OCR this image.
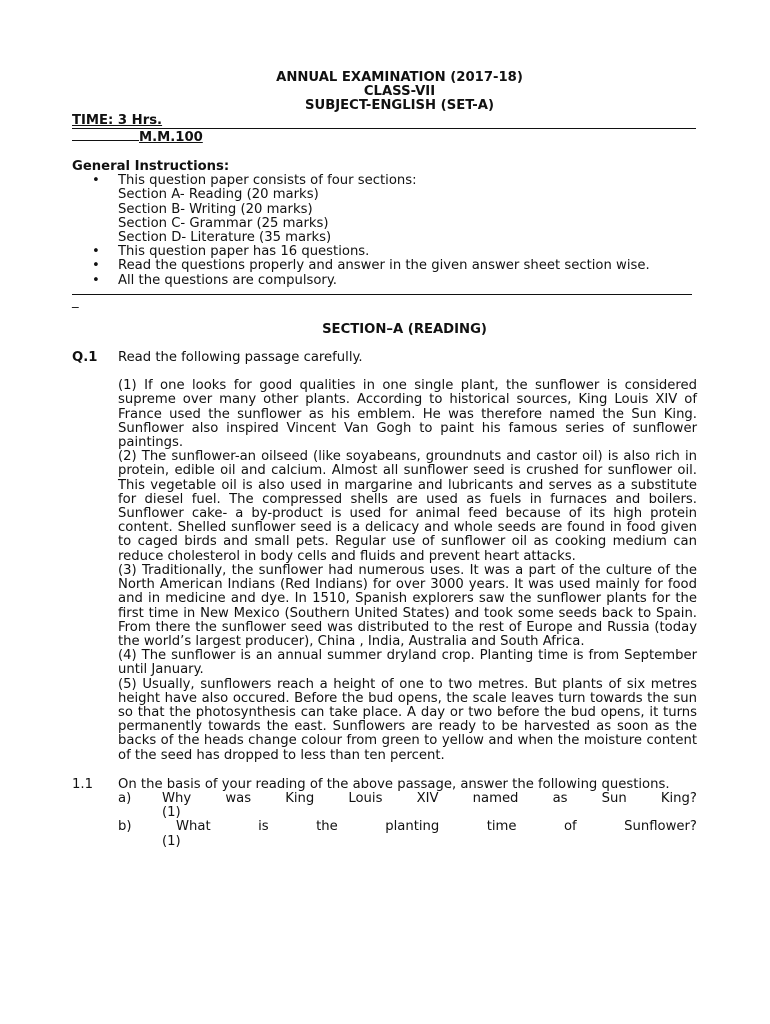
ANNUAL EXAMINATION (2017-18)
CLASS-VII
SUBJECT-ENGLISH (SET-A)
TIME: 3 Hrs.
M.M.100
General Instructions:
• This question paper consists of four sections:
Section A- Reading (20 marks)
Section B- Writing (20 marks)
Section C- Grammar (25 marks)
Section D- Literature (35 marks)
• This question paper has 16 questions.
• Read the questions properly and answer in the given answer sheet section wise.
• All the questions are compulsory.
_
SECTION–A (READING)
Q.1 Read the following passage carefully.

(1) If one looks for good qualities in one single plant, the sunflower is considered supreme over many other plants. According to historical sources, King Louis XIV of France used the sunflower as his emblem. He was therefore named the Sun King. Sunflower also inspired Vincent Van Gogh to paint his famous series of sunflower paintings.

(2) The sunflower-an oilseed (like soyabeans, groundnuts and castor oil) is also rich in protein, edible oil and calcium. Almost all sunflower seed is crushed for sunflower oil. This vegetable oil is also used in margarine and lubricants and serves as a substitute for diesel fuel. The compressed shells are used as fuels in furnaces and boilers. Sunflower cake- a by-product is used for animal feed because of its high protein content. Shelled sunflower seed is a delicacy and whole seeds are found in food given to caged birds and small pets. Regular use of sunflower oil as cooking medium can reduce cholesterol in body cells and fluids and prevent heart attacks.

(3) Traditionally, the sunflower had numerous uses. It was a part of the culture of the North American Indians (Red Indians) for over 3000 years. It was used mainly for food and in medicine and dye. In 1510, Spanish explorers saw the sunflower plants for the first time in New Mexico (Southern United States) and took some seeds back to Spain. From there the sunflower seed was distributed to the rest of Europe and Russia (today the world’s largest producer), China , India, Australia and South Africa.

(4) The sunflower is an annual summer dryland crop. Planting time is from September until January.

(5) Usually, sunflowers reach a height of one to two metres. But plants of six metres height have also occured. Before the bud opens, the scale leaves turn towards the sun so that the photosynthesis can take place. A day or two before the bud opens, it turns permanently towards the east. Sunflowers are ready to be harvested as soon as the backs of the heads change colour from green to yellow and when the moisture content of the seed has dropped to less than ten percent.

1.1 On the basis of your reading of the above passage, answer the following questions.
a) Why	was	King	Louis	XIV	named	as	Sun	King?
(1)
b)	What	is	the	planting	time	of	Sunflower?
(1)
